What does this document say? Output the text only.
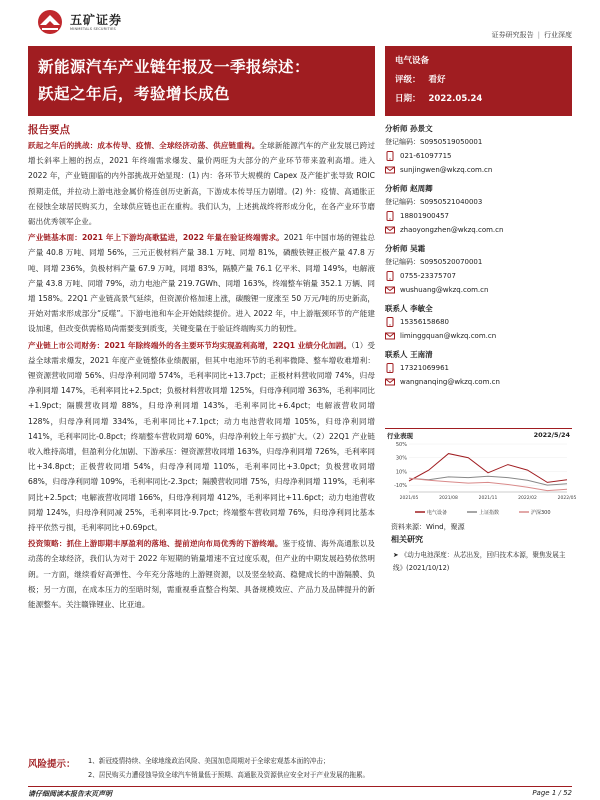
五矿证券
MINMETALS SECURITIES
证券研究报告 | 行业深度
新能源汽车产业链年报及一季报综述：
跃起之年后，考验增长成色
电气设备
评级： 看好
日期： 2022.05.24
报告要点

跃起之年后的挑战：成本传导、疫情、全球经济动荡、供应链重构。全球新能源汽车的产业发展已跨过增长斜率上翘的拐点，2021 年终端需求爆发、量价两旺为大部分的产业环节带来盈利高增。进入 2022 年，产业链面临的内外部挑战开始显现：(1) 内：各环节大规模的 Capex 及产能扩张导致 ROIC 预期走低，并拉动上游电池金属价格连创历史新高，下游成本传导压力剧增。(2) 外：疫情、高通胀正在侵蚀全球居民购买力，全球供应链也正在重构。我们认为，上述挑战终将形成分化，在各产业环节磨砺出优秀领军企业。

产业链基本面：2021 年上下游均高歌猛进，2022 年量在验证终端需求。2021 年中国市场的锂盐总产量 40.8 万吨、同增 56%，三元正极材料产量 38.1 万吨、同增 81%，磷酸铁锂正极产量 47.8 万吨、同增 236%，负极材料产量 67.9 万吨，同增 83%，隔膜产量 76.1 亿平米、同增 149%，电解液产量 43.8 万吨、同增 79%，动力电池产量 219.7GWh、同增 163%，终端整车销量 352.1 万辆、同增 158%。22Q1 产业链高景气延续，但资源价格加速上涨，碳酸锂一度涨至 50 万元/吨的历史新高，开始对需求形成部分“反噬”。下游电池和车企开始陆续提价。进入 2022 年，中上游瓶颈环节的产能建设加速，但改变供需格局尚需要变到质变，关键变量在于验证终端购买力的韧性。

产业链上市公司财务：2021 年除终端外的各主要环节均实现盈利高增，22Q1 业绩分化加剧。（1）受益全球需求爆发，2021 年度产业链整体业绩靓丽，但其中电池环节的毛利率微降、整车增收难增利：锂资源营收同增 56%、归母净利同增 574%，毛利率同比+13.7pct；正极材料营收同增 74%，归母净利同增 147%，毛利率同比+2.5pct；负极材料营收同增 125%，归母净利同增 363%，毛利率同比+1.9pct；隔膜营收同增 88%，归母净利同增 143%，毛利率同比+6.4pct；电解液营收同增 128%，归母净利同增 334%，毛利率同比+7.1pct；动力电池营收同增 105%，归母净利同增 141%，毛利率同比-0.8pct；终端整车营收同增 60%，归母净利较上年亏损扩大。（2）22Q1 产业链收入维持高增，但盈利分化加剧、下游承压：锂资源营收同增 163%，归母净利同增 726%，毛利率同比+34.8pct；正极营收同增 54%，归母净利同增 110%，毛利率同比+3.0pct；负极营收同增 68%，归母净利同增 109%，毛利率同比-2.3pct；隔膜营收同增 75%，归母净利同增 119%，毛利率同比+2.5pct；电解液营收同增 166%，归母净利同增 412%，毛利率同比+11.6pct；动力电池营收同增 124%，归母净利同减 25%，毛利率同比-9.7pct；终端整车营收同增 76%，归母净利同比基本持平依然亏损，毛利率同比+0.69pct。

投资策略：抓住上游即期丰厚盈利的落地、提前逆向布局优秀的下游终端。鉴于疫情、海外高通胀以及动荡的全球经济，我们认为对于 2022 年短期的销量增速不宜过度乐观，但产业的中期发展趋势依然明朗。一方面，继续看好高弹性、今年充分落地的上游锂资源，以及竖垒较高、稳健成长的中游隔膜、负极；另一方面，在成本压力的至暗时刻，需重视垂直整合构架、具备规模效应、产品力及品牌提升的新能源整车。关注赣锋锂业、比亚迪。

分析师 孙景文
登记编码： S0950519050001
021-61097715
sunjingwen@wkzq.com.cn
分析师 赵周卿
登记编码： S0950521040003
18801900457
zhaoyongzhen@wkzq.com.cn
分析师 吴霜
登记编码： S0950520070001
0755-23375707
wushuang@wkzq.com.cn
联系人 李敏全
15356158680
liminggquan@wkzq.com.cn
联系人 王南清
17321069961
wangnanqing@wkzq.com.cn
行业表现	2022/5/24
50%
30%
10%
-10%
2021/05	2021/08	2021/11	2022/02	2022/05
电气设备	上证指数	沪深300
资料来源：Wind，聚源
相关研究
➤ 《动力电池深度：从芯出发，回归技术本源，聚焦发展主线》(2021/10/12)
风险提示： 1、新冠疫情持续、全球地缘政治风险、美国加息周期对于全球宏观基本面的冲击；
2、居民购买力遭侵蚀导致全球汽车销量低于预期、高通胀及资源供应安全对于产业发展的拖累。
请仔细阅读本报告末页声明	Page 1 / 52
